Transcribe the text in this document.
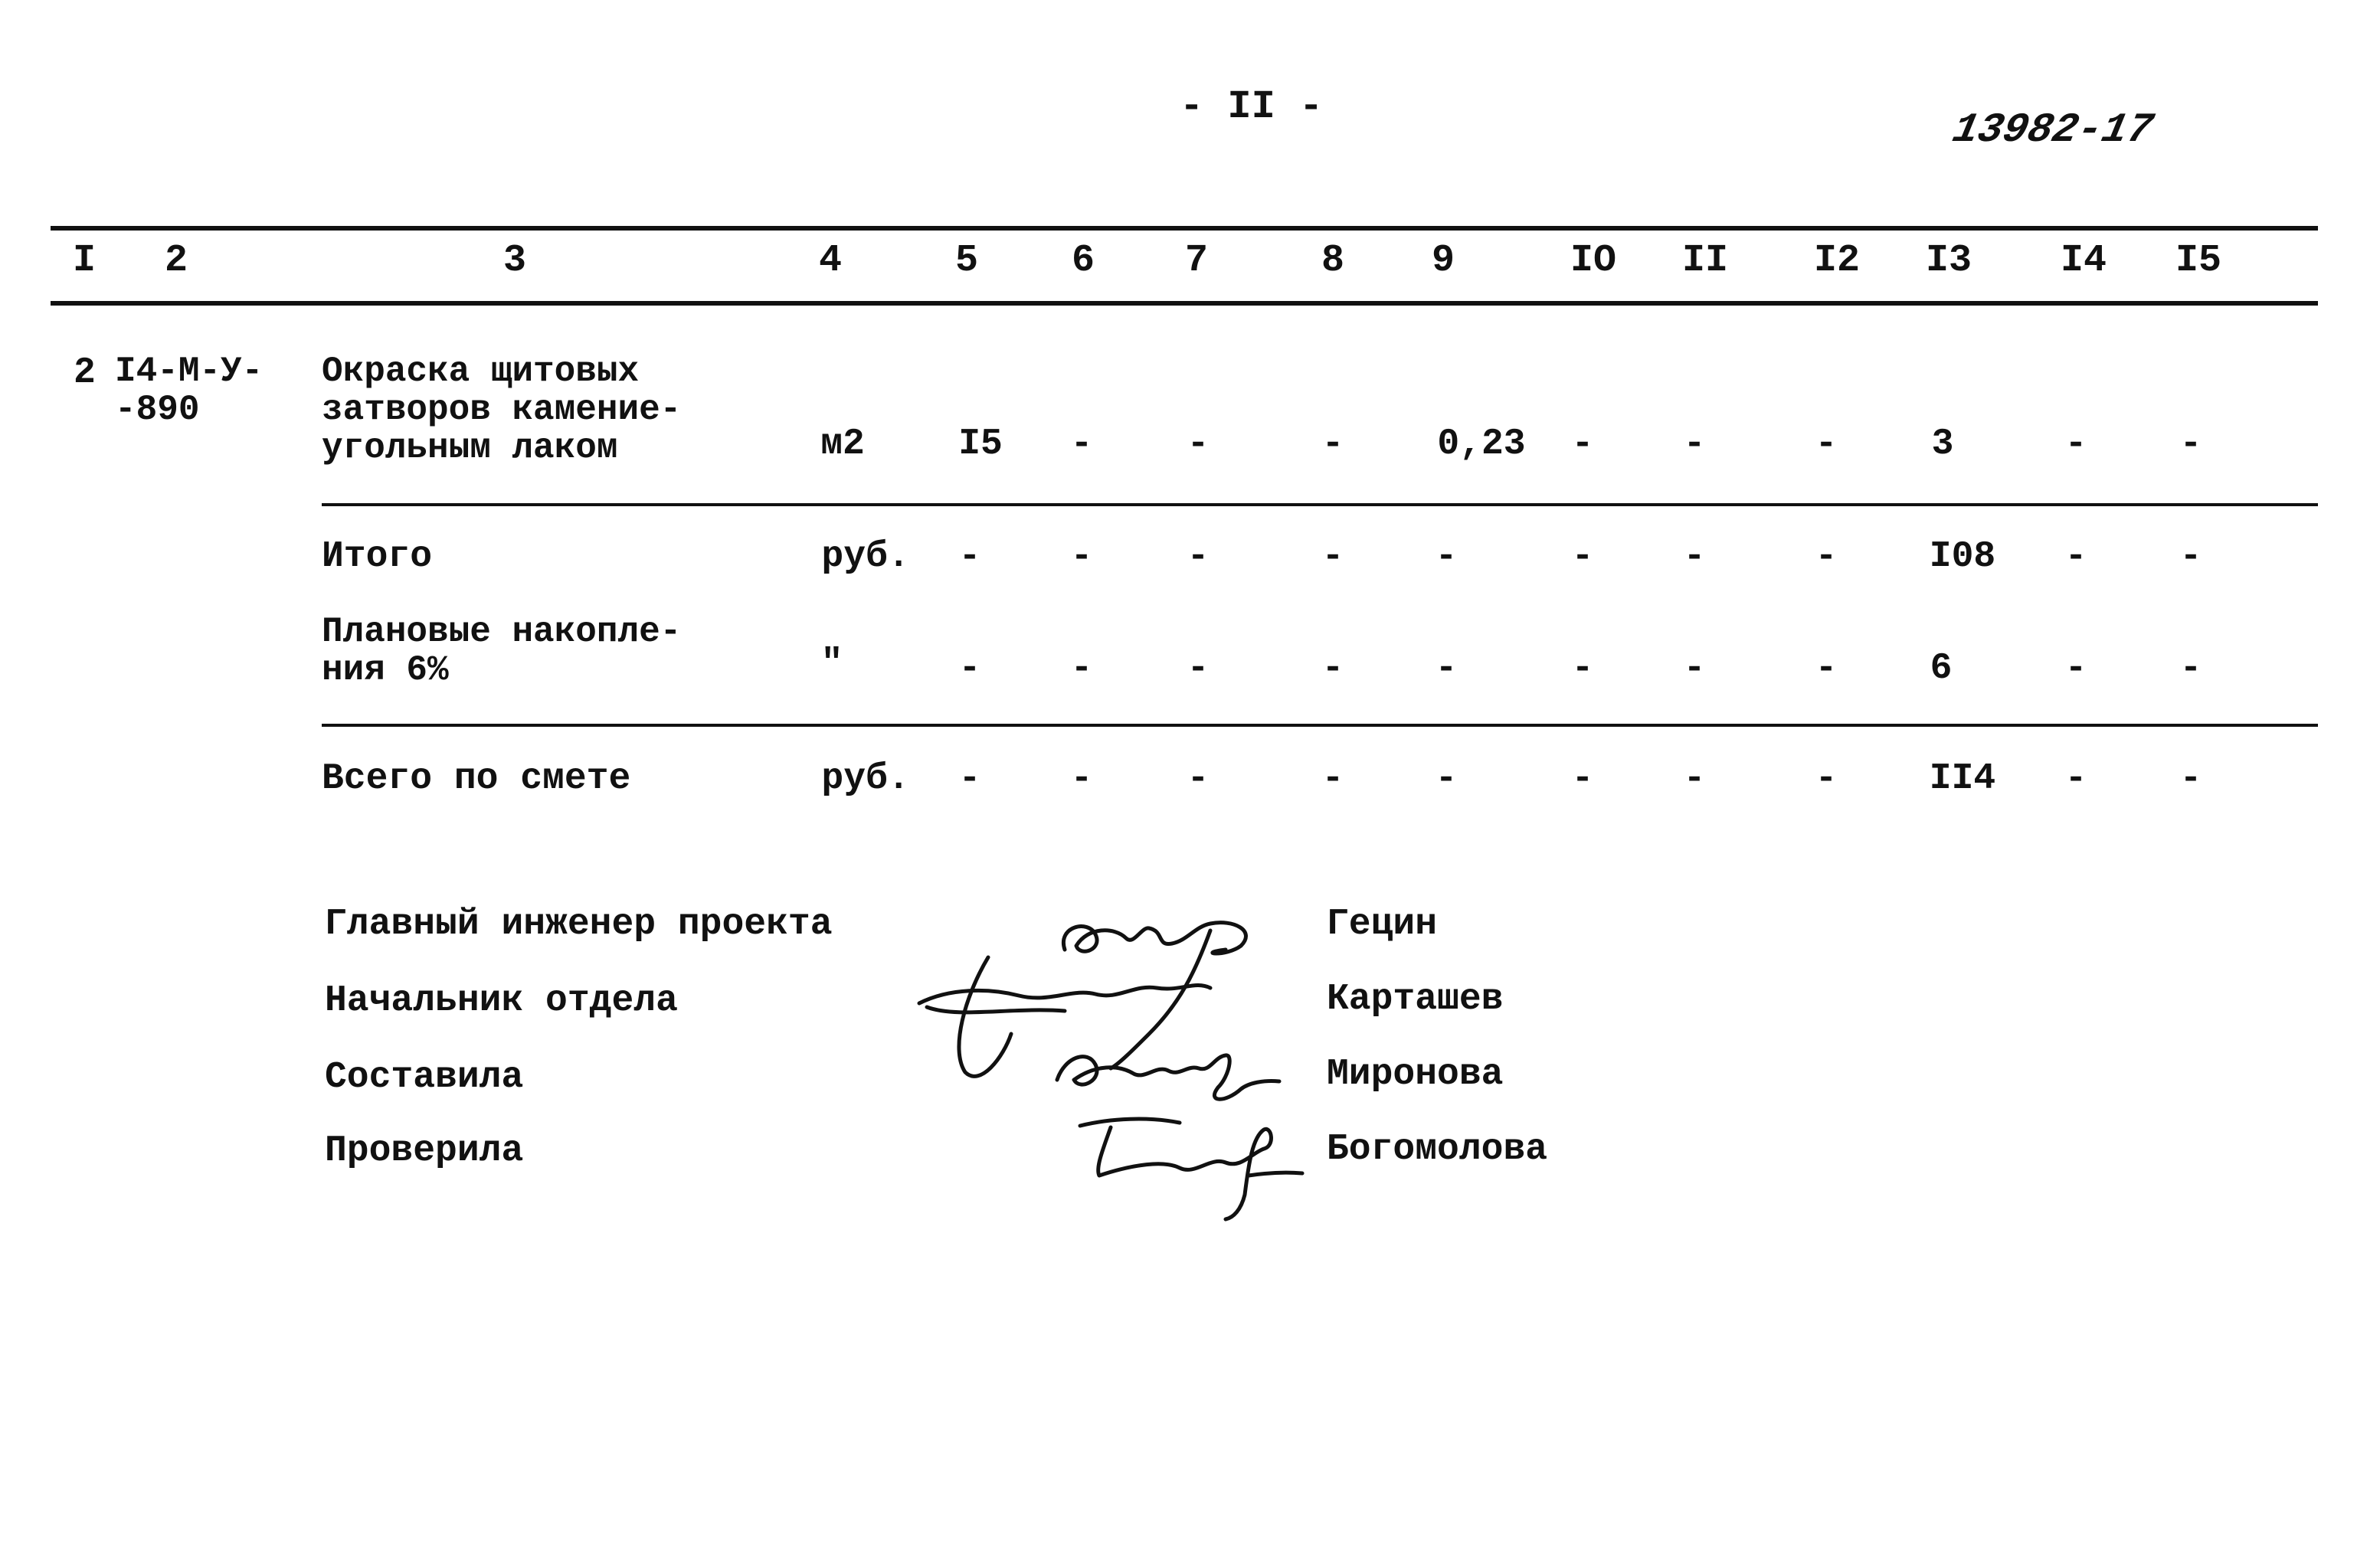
- II -
13982-17
I 2	3	4	5 6 7	8 9	IO II I2 I3 I4 I5
2 I4-М-У-
-890
Окраска щитовых
затворов камение-
угольным лаком	м2	I5 -	-	-	0,23 - -	-	3	-	-
Итого	руб. - -	-	- -	- -	-	I08 -	-
Плановые накопле-
ния 6%	"	- -	-	- -	- -	-	6	-	-
Всего по смете	руб. - -	-	- -	- -	-	II4 -	-
Главный инженер проекта	Гецин
Начальник отдела	Карташев
Составила	Миронова
Проверила	Богомолова
